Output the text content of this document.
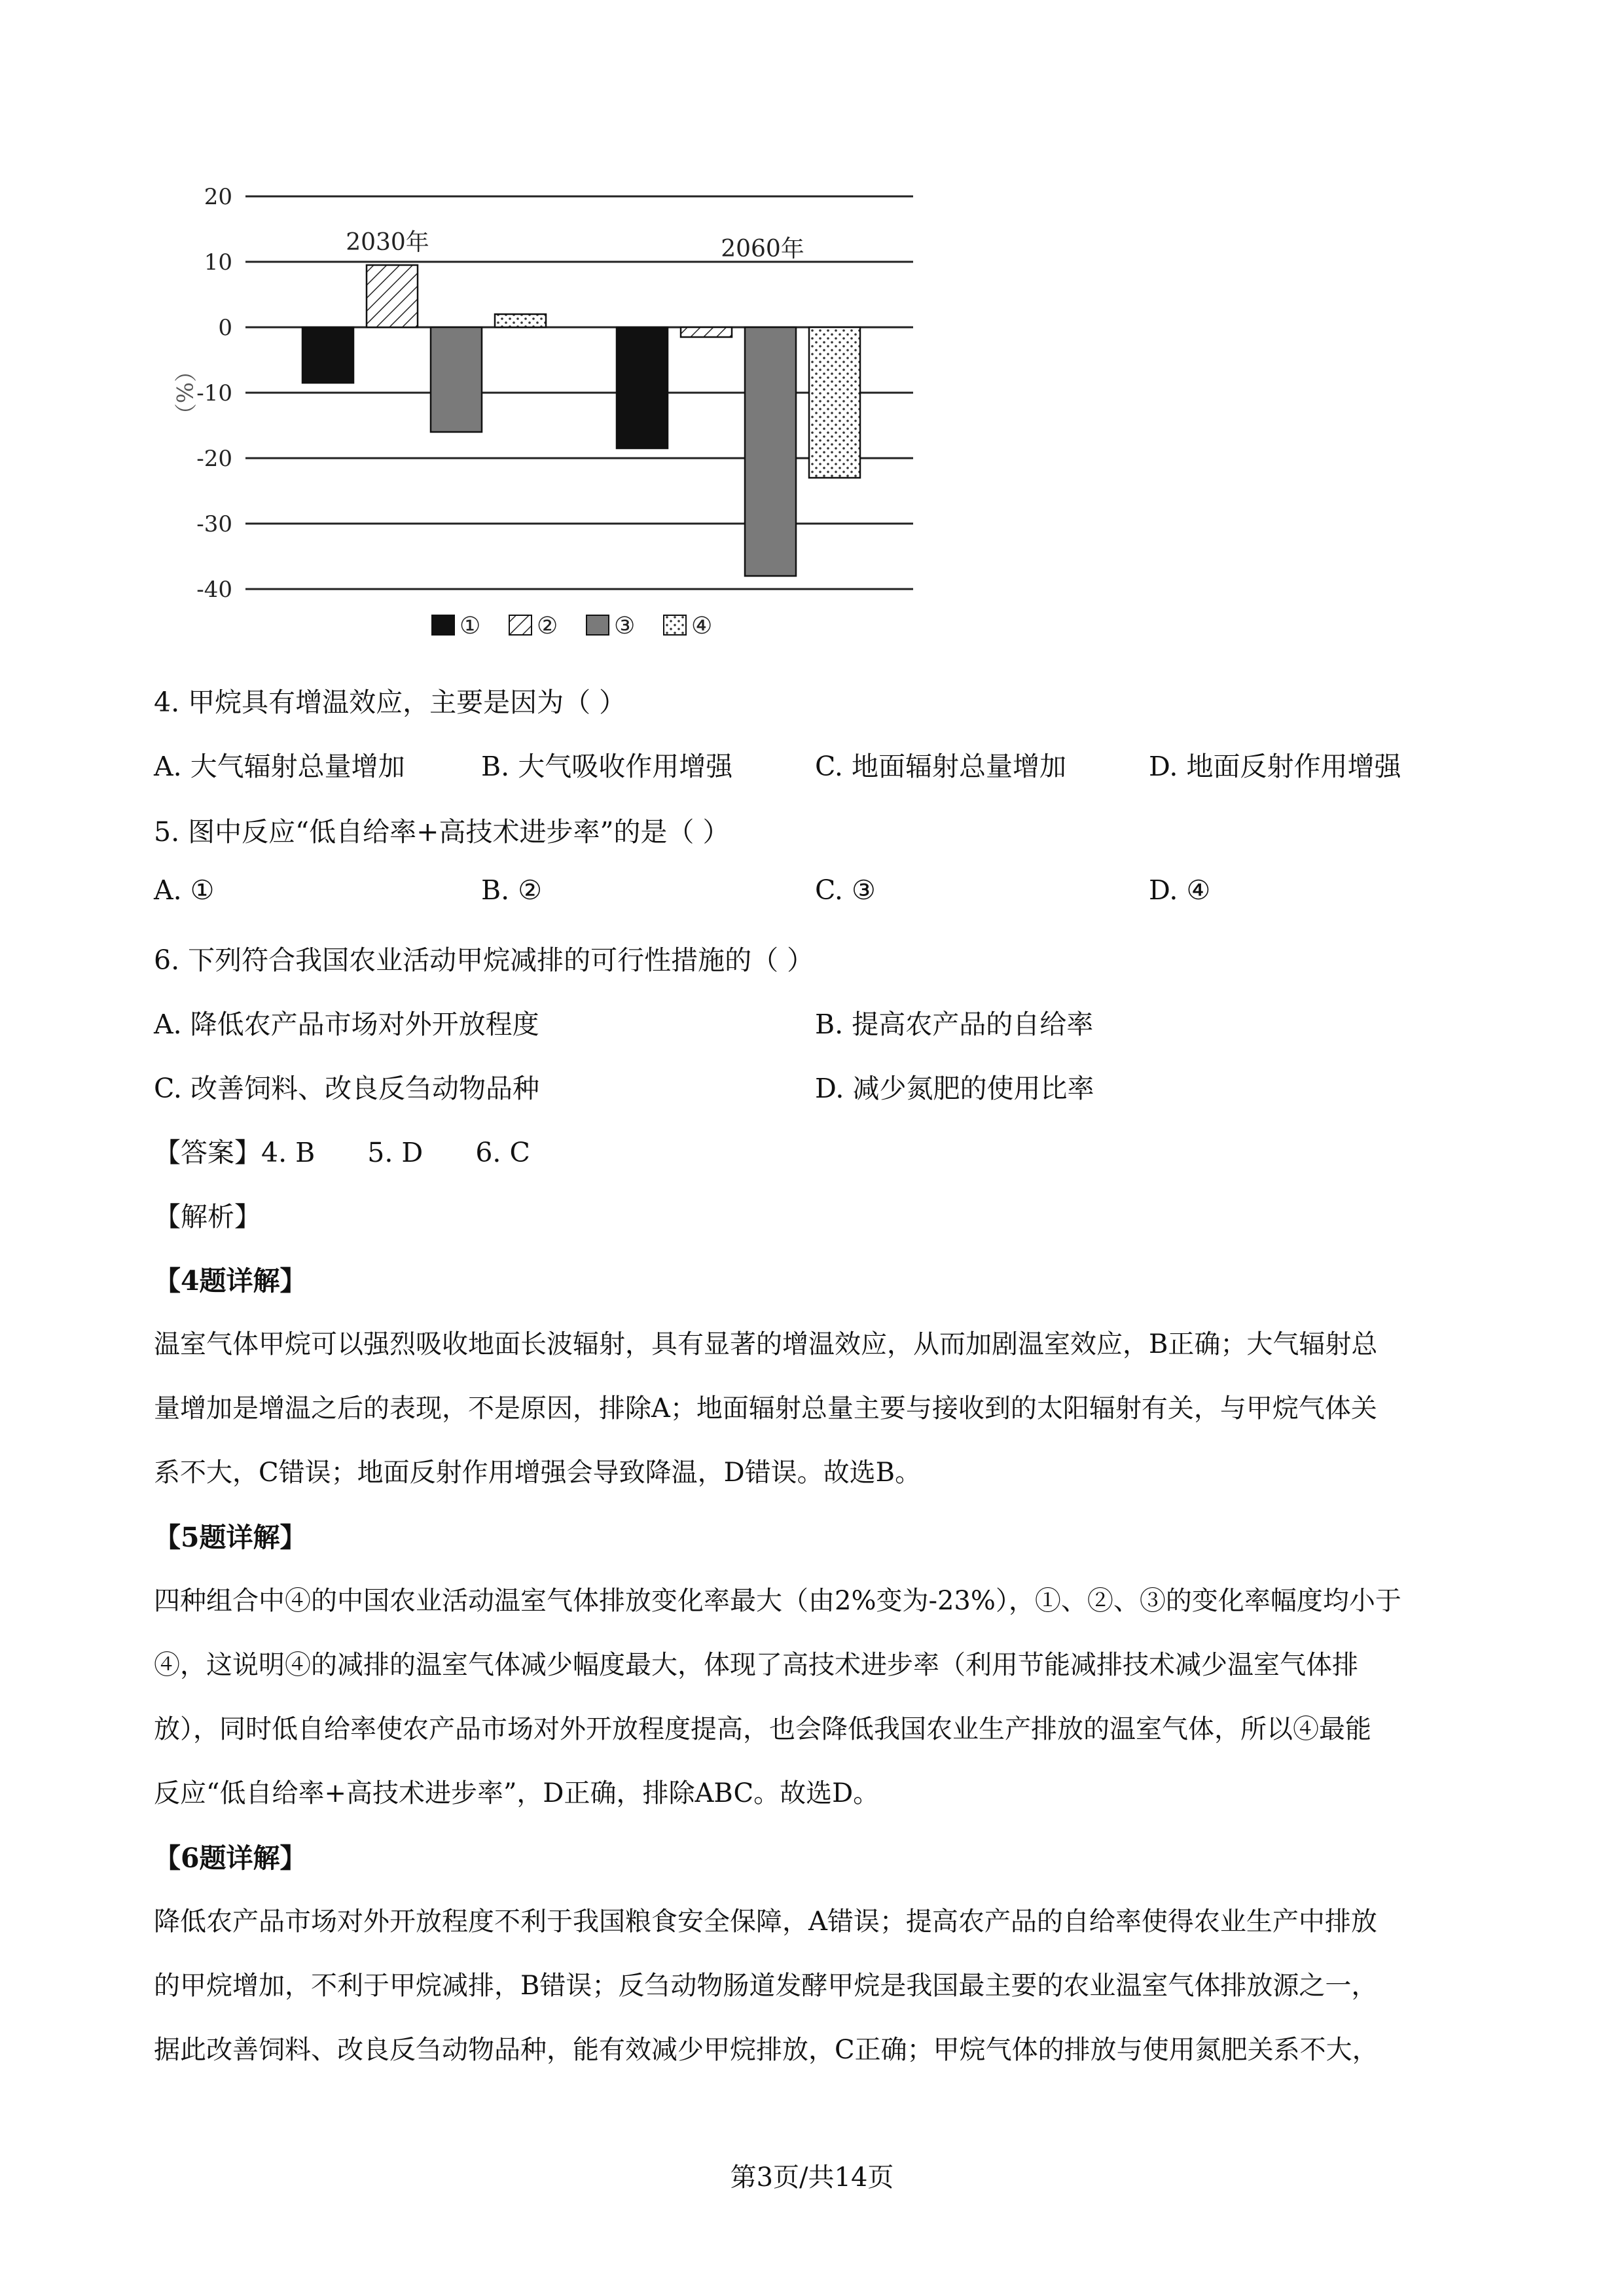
20
10
0
-10
-20
-30
-40
（%）
2030年	2060年
① ② ③ ④
4. 甲烷具有增温效应，主要是因为（ ）
A. 大气辐射总量增加	B. 大气吸收作用增强	C. 地面辐射总量增加	D. 地面反射作用增强
5. 图中反应“低自给率+高技术进步率”的是（ ）
A. ①	B. ②	C. ③	D. ④
6. 下列符合我国农业活动甲烷减排的可行性措施的（ ）
A. 降低农产品市场对外开放程度	B. 提高农产品的自给率
C. 改善饲料、改良反刍动物品种	D. 减少氮肥的使用比率
【答案】4. B 5. D 6. C
【解析】
【4题详解】
温室气体甲烷可以强烈吸收地面长波辐射，具有显著的增温效应，从而加剧温室效应，B正确；大气辐射总
量增加是增温之后的表现，不是原因，排除A；地面辐射总量主要与接收到的太阳辐射有关，与甲烷气体关
系不大，C错误；地面反射作用增强会导致降温，D错误。故选B。
【5题详解】
四种组合中④的中国农业活动温室气体排放变化率最大（由2%变为-23%），①、②、③的变化率幅度均小于
④，这说明④的减排的温室气体减少幅度最大，体现了高技术进步率（利用节能减排技术减少温室气体排
放），同时低自给率使农产品市场对外开放程度提高，也会降低我国农业生产排放的温室气体，所以④最能
反应“低自给率+高技术进步率”，D正确，排除ABC。故选D。
【6题详解】
降低农产品市场对外开放程度不利于我国粮食安全保障，A错误；提高农产品的自给率使得农业生产中排放
的甲烷增加，不利于甲烷减排，B错误；反刍动物肠道发酵甲烷是我国最主要的农业温室气体排放源之一，
据此改善饲料、改良反刍动物品种，能有效减少甲烷排放，C正确；甲烷气体的排放与使用氮肥关系不大，
第3页/共14页
